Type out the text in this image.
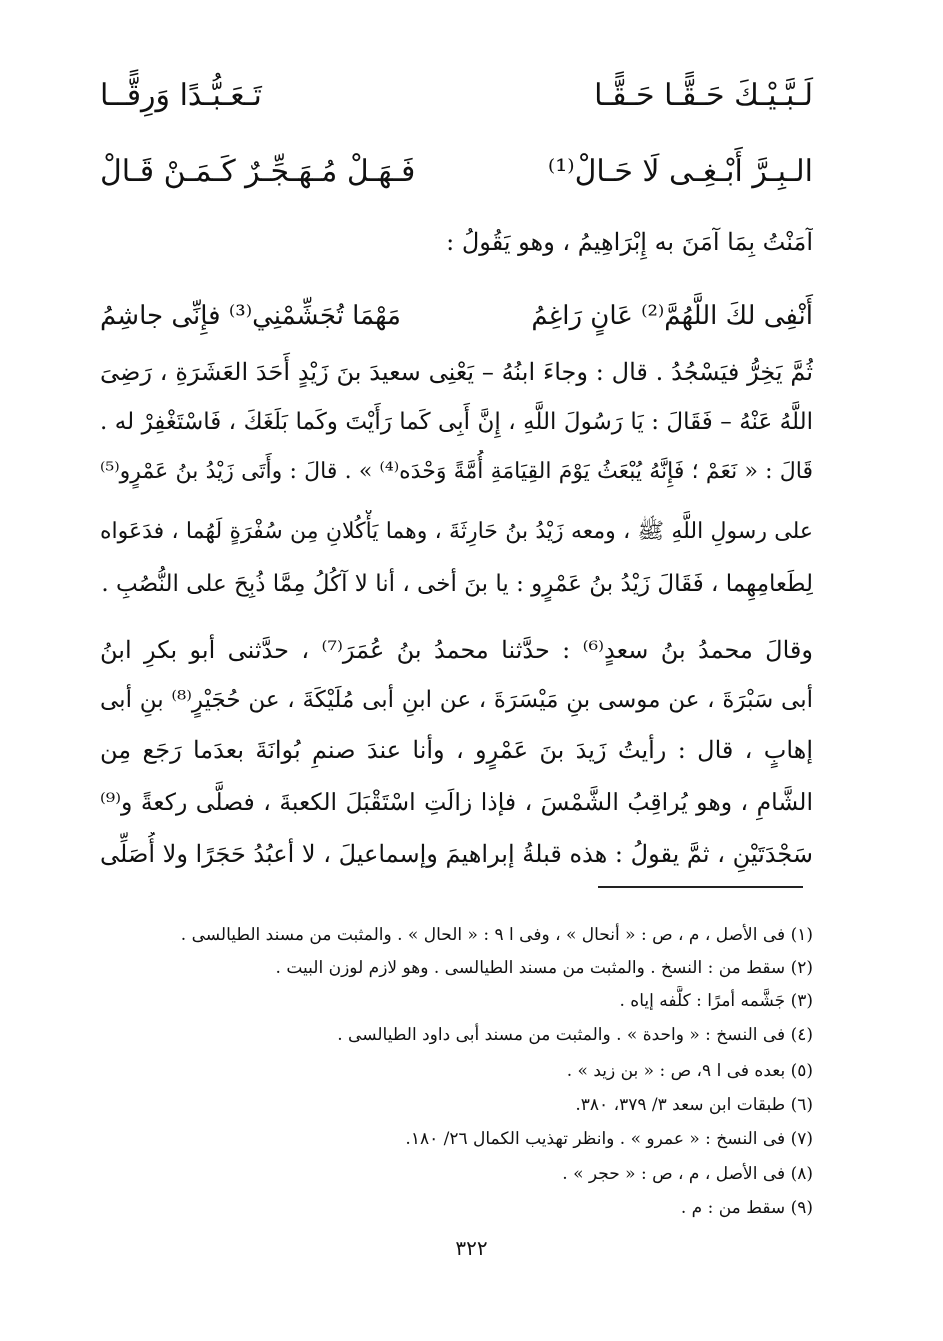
لَـبَّـيْـكَ حَـقًّـا حَـقًّـا
تَـعَـبُّـدًا وَرِقًّــا
الـبِـرَّ أَبْـغِـى لَا حَـالْ⁽¹⁾
فَـهَـلْ مُـهَـجِّـرٌ كَـمَـنْ قَـالْ
آمَنْتُ بِمَا آمَنَ به إِبْرَاهِيمُ ، وهو يَقُولُ :
أَنْفِى لكَ اللَّهُمَّ⁽²⁾ عَانٍ رَاغِمُ
مَهْمَا تُجَشِّمْنِي⁽³⁾ فإِنِّى جاشِمُ
ثُمَّ يَخِرُّ فيَسْجُدُ . قال : وجاءَ ابنُهُ – يَعْنِى سعيدَ بنَ زَيْدٍ أَحَدَ العَشَرَةِ ، رَضِىَ
اللَّهُ عَنْهُ – فَقَالَ : يَا رَسُولَ اللَّهِ ، إِنَّ أَبِى كَما رَأَيْتَ وكَما بَلَغَكَ ، فَاسْتَغْفِرْ له .
قَالَ : « نَعَمْ ؛ فَإِنَّهُ يُبْعَثُ يَوْمَ القِيَامَةِ أُمَّةً وَحْدَه⁽⁴⁾ » . قالَ : وأَتَى زَيْدُ بنُ عَمْرٍو⁽⁵⁾
على رسولِ اللَّهِ ﷺ ، ومعه زَيْدُ بنُ حَارِثَةَ ، وهما يَأْكُلانِ مِن سُفْرَةٍ لَهُما ، فدَعَواه
لِطَعامِهِما ، فَقَالَ زَيْدُ بنُ عَمْرٍو : يا بنَ أخى ، أنا لا آكُلُ مِمَّا ذُبِحَ على النُّصُبِ .
وقالَ محمدُ بنُ سعدٍ⁽⁶⁾ : حدَّثنا محمدُ بنُ عُمَرَ⁽⁷⁾ ، حدَّثنى أبو بكرِ ابنُ
أبى سَبْرَةَ ، عن موسى بنِ مَيْسَرَةَ ، عن ابنِ أبى مُلَيْكَةَ ، عن حُجَيْرٍ⁽⁸⁾ بنِ أبى
إهابٍ ، قال : رأيتُ زَيدَ بنَ عَمْرٍو ، وأنا عندَ صنمِ بُوانَةَ بعدَما رَجَع مِن
الشَّامِ ، وهو يُراقِبُ الشَّمْسَ ، فإذا زالَتِ اسْتَقْبَلَ الكعبةَ ، فصلَّى ركعةً و⁽⁹⁾
سَجْدَتَيْنِ ، ثمَّ يقولُ : هذه قبلةُ إبراهيمَ وإسماعيلَ ، لا أعبُدُ حَجَرًا ولا أُصَلِّى
(١) فى الأصل ، م ، ص : « أنحال » ، وفى ا ٩ : « الحال » . والمثبت من مسند الطيالسى .
(٢) سقط من : النسخ . والمثبت من مسند الطيالسى . وهو لازم لوزن البيت .
(٣) جَشَّمه أمرًا : كلَّفه إياه .
(٤) فى النسخ : « واحدة » . والمثبت من مسند أبى داود الطيالسى .
(٥) بعده فى ا ٩، ص : « بن زيد » .
(٦) طبقات ابن سعد ٣/ ٣٧٩، ٣٨٠.
(٧) فى النسخ : « عمرو » . وانظر تهذيب الكمال ٢٦/ ١٨٠.
(٨) فى الأصل ، م ، ص : « حجر » .
(٩) سقط من : م .
٣٢٢
